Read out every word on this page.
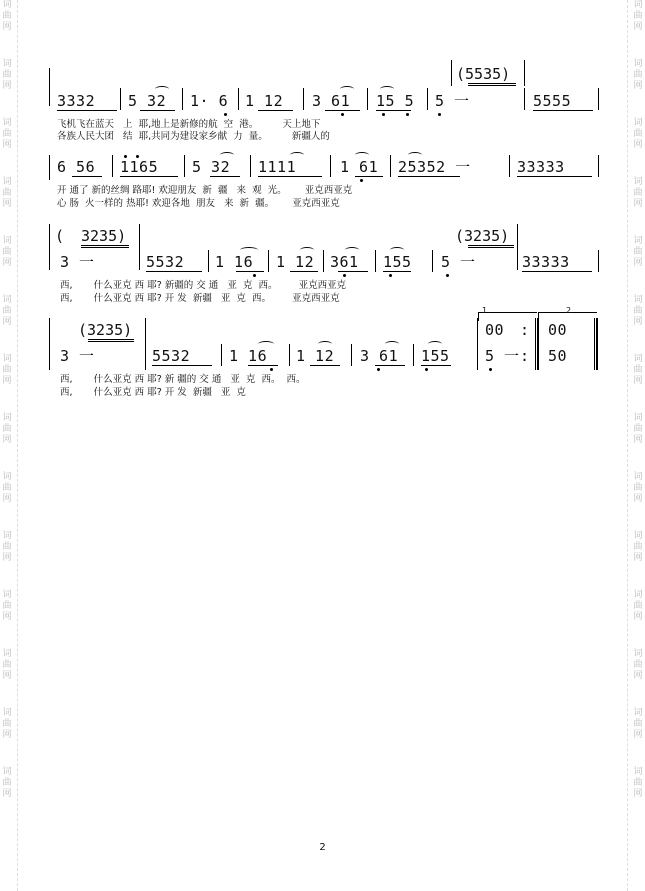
词
曲
网
词
曲
网
词
曲
网
词
曲
网
词
曲
网
词
曲
网
词
曲
网
词
曲
网
词
曲
网
词
曲
网
词
曲
网
词
曲
网
词
曲
网
词
曲
网
词
曲
网
词
曲
网
词
曲
网
词
曲
网
词
曲
网
词
曲
网
词
曲
网
词
曲
网
词
曲
网
词
曲
网
词
曲
网
词
曲
网
词
曲
网
词
曲
网
(5535)
3332 5 32 1· 6 1 12 3 61 15 5 5 一	5555
飞机飞在蓝天   上  耶,地上是新修的航  空  港。        天上地下
各族人民大团   结  耶,共同为建设家乡献  力  量。        新疆人的
6 56 1165 5 32 1111	1 61 25352 一	33333
开 通了 新的丝绸 路耶! 欢迎朋友  新  疆   来  观  光。      亚克西亚克
心 肠  火一样的 热耶! 欢迎各地  朋友   来  新  疆。      亚克西亚克
( 3235)	(3235)
3 一	5532 1 16 1 12 361 155 5 一	33333
西,       什么亚克 西 耶? 新疆的 交 通   亚  克  西。       亚克西亚克
西,       什么亚克 西 耶? 开 发  新疆   亚  克  西。       亚克西亚克
(3235)
1.	2.
00 : 00
3 一	5532	1 16 1 12 3 61 155 5 一 : 50
西,       什么亚克 西 耶? 新 疆的 交 通   亚  克  西。  西。
西,       什么亚克 西 耶? 开 发  新疆   亚  克
2
